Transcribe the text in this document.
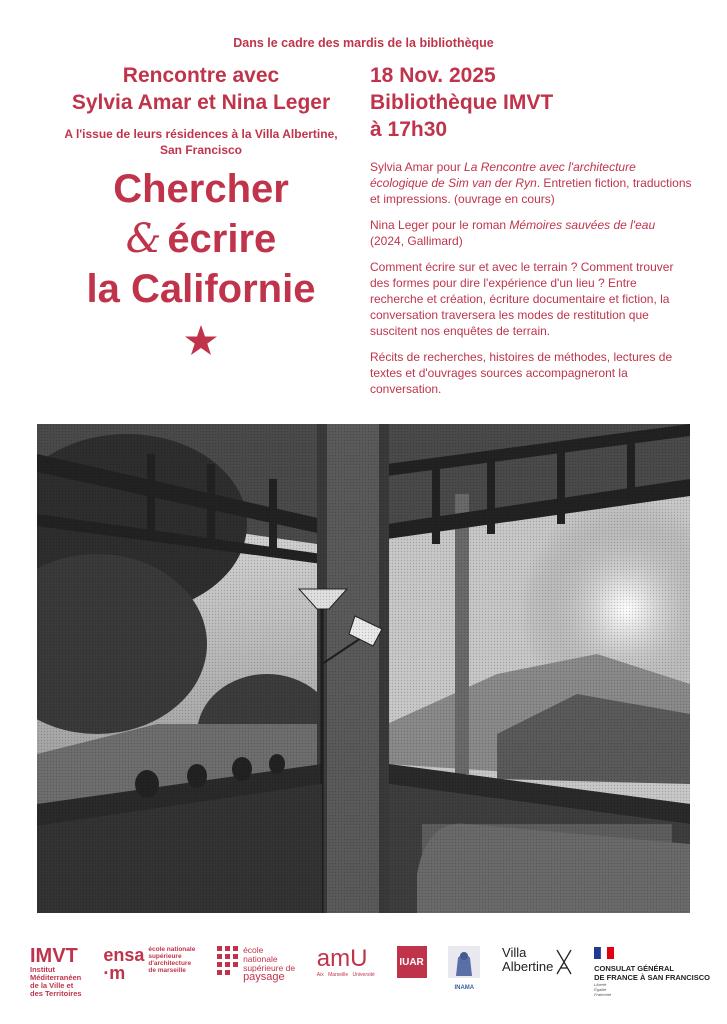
Dans le cadre des mardis de la bibliothèque

Rencontre avec
Sylvia Amar et Nina Leger

A l'issue de leurs résidences à la Villa Albertine,
San Francisco

Chercher
& écrire
la Californie

18 Nov. 2025
Bibliothèque IMVT
à 17h30

Sylvia Amar pour La Rencontre avec l'architecture écologique de Sim van der Ryn. Entretien fiction, traductions et impressions. (ouvrage en cours)

Nina Leger pour le roman Mémoires sauvées de l'eau (2024, Gallimard)

Comment écrire sur et avec le terrain ? Comment trouver des formes pour dire l'expérience d'un lieu ? Entre recherche et création, écriture documentaire et fiction, la conversation traversera les modes de restitution que suscitent nos enquêtes de terrain.

Récits de recherches, histoires de méthodes, lectures de textes et d'ouvrages sources accompagneront la conversation.

IMVT
Institut
Méditerranéen
de la Ville et
des Territoires
ensa
·m
école nationale
supérieure
d'architecture
de marseille
école
nationale
supérieure de
paysage
amU
Aix Marseille Université
IUAR
INAMA
Villa
Albertine	CONSULAT GÉNÉRAL
DE FRANCE À SAN FRANCISCO
Liberté
Égalité
Fraternité
